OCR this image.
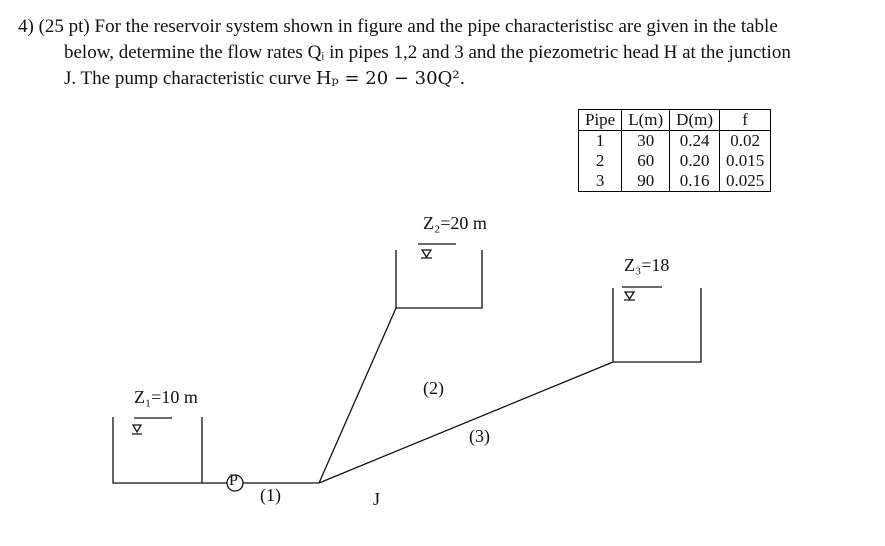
4) (25 pt) For the reservoir system shown in figure and the pipe characteristisc are given in the table
below, determine the flow rates Qᵢ in pipes 1,2 and 3 and the piezometric head H at the junction
J. The pump characteristic curve Hₚ = 20 − 30Q².
Pipe	L(m)	D(m)	f
1	30	0.24	0.02
2	60	0.20	0.015
3	90	0.16	0.025
Z₁=10 m
Z₂=20 m
Z₃=18
P
(1)
(2)
(3)
J
